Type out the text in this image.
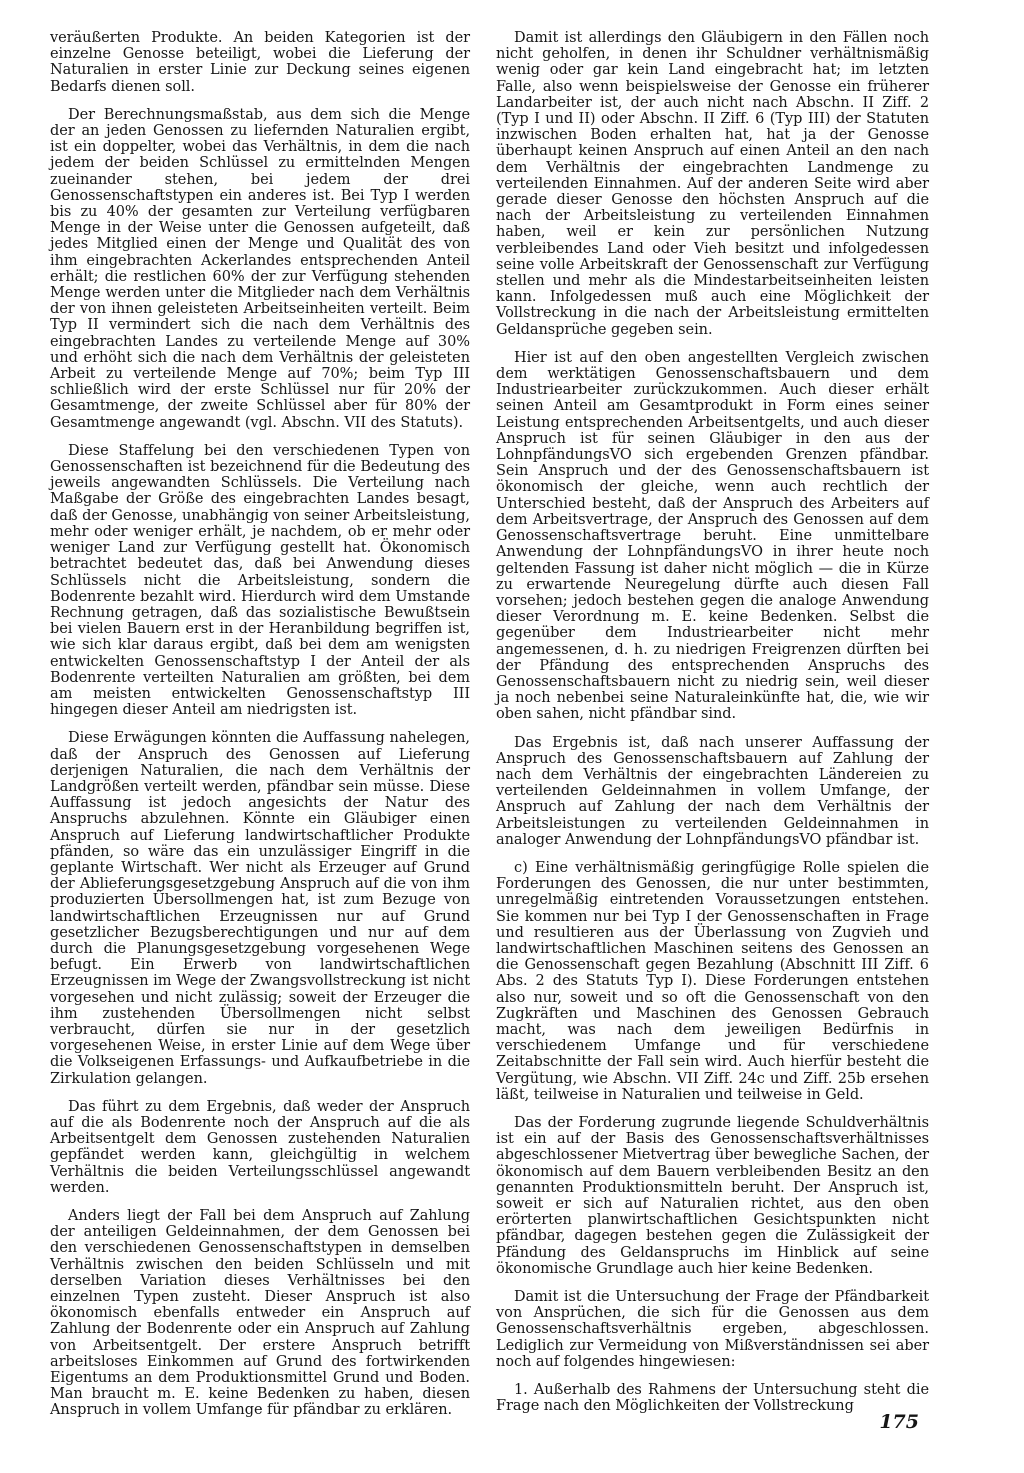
veräußerten Produkte. An beiden Kategorien ist der einzelne Genosse beteiligt, wobei die Lieferung der Naturalien in erster Linie zur Deckung seines eigenen Bedarfs dienen soll.

Der Berechnungsmaßstab, aus dem sich die Menge der an jeden Genossen zu liefernden Naturalien ergibt, ist ein doppelter, wobei das Verhältnis, in dem die nach jedem der beiden Schlüssel zu ermittelnden Mengen zueinander stehen, bei jedem der drei Genossenschaftstypen ein anderes ist. Bei Typ I werden bis zu 40% der gesamten zur Verteilung verfügbaren Menge in der Weise unter die Genossen aufgeteilt, daß jedes Mitglied einen der Menge und Qualität des von ihm eingebrachten Ackerlandes entsprechenden Anteil erhält; die restlichen 60% der zur Verfügung stehenden Menge werden unter die Mitglieder nach dem Verhältnis der von ihnen geleisteten Arbeitseinheiten verteilt. Beim Typ II vermindert sich die nach dem Verhältnis des eingebrachten Landes zu verteilende Menge auf 30% und erhöht sich die nach dem Verhältnis der geleisteten Arbeit zu verteilende Menge auf 70%; beim Typ III schließlich wird der erste Schlüssel nur für 20% der Gesamtmenge, der zweite Schlüssel aber für 80% der Gesamtmenge angewandt (vgl. Abschn. VII des Statuts).

Diese Staffelung bei den verschiedenen Typen von Genossenschaften ist bezeichnend für die Bedeutung des jeweils angewandten Schlüssels. Die Verteilung nach Maßgabe der Größe des eingebrachten Landes besagt, daß der Genosse, unabhängig von seiner Arbeitsleistung, mehr oder weniger erhält, je nachdem, ob er mehr oder weniger Land zur Verfügung gestellt hat. Ökonomisch betrachtet bedeutet das, daß bei Anwendung dieses Schlüssels nicht die Arbeitsleistung, sondern die Bodenrente bezahlt wird. Hierdurch wird dem Umstande Rechnung getragen, daß das sozialistische Bewußtsein bei vielen Bauern erst in der Heranbildung begriffen ist, wie sich klar daraus ergibt, daß bei dem am wenigsten entwickelten Genossenschaftstyp I der Anteil der als Bodenrente verteilten Naturalien am größten, bei dem am meisten entwickelten Genossenschaftstyp III hingegen dieser Anteil am niedrigsten ist.

Diese Erwägungen könnten die Auffassung nahelegen, daß der Anspruch des Genossen auf Lieferung derjenigen Naturalien, die nach dem Verhältnis der Landgrößen verteilt werden, pfändbar sein müsse. Diese Auffassung ist jedoch angesichts der Natur des Anspruchs abzulehnen. Könnte ein Gläubiger einen Anspruch auf Lieferung landwirtschaftlicher Produkte pfänden, so wäre das ein unzulässiger Eingriff in die geplante Wirtschaft. Wer nicht als Erzeuger auf Grund der Ablieferungsgesetzgebung Anspruch auf die von ihm produzierten Übersollmengen hat, ist zum Bezuge von landwirtschaftlichen Erzeugnissen nur auf Grund gesetzlicher Bezugsberechtigungen und nur auf dem durch die Planungsgesetzgebung vorgesehenen Wege befugt. Ein Erwerb von landwirtschaftlichen Erzeugnissen im Wege der Zwangsvollstreckung ist nicht vorgesehen und nicht zulässig; soweit der Erzeuger die ihm zustehenden Übersollmengen nicht selbst verbraucht, dürfen sie nur in der gesetzlich vorgesehenen Weise, in erster Linie auf dem Wege über die Volkseigenen Erfassungs- und Aufkaufbetriebe in die Zirkulation gelangen.

Das führt zu dem Ergebnis, daß weder der Anspruch auf die als Bodenrente noch der Anspruch auf die als Arbeitsentgelt dem Genossen zustehenden Naturalien gepfändet werden kann, gleichgültig in welchem Verhältnis die beiden Verteilungsschlüssel angewandt werden.

Anders liegt der Fall bei dem Anspruch auf Zahlung der anteiligen Geldeinnahmen, der dem Genossen bei den verschiedenen Genossenschaftstypen in demselben Verhältnis zwischen den beiden Schlüsseln und mit derselben Variation dieses Verhältnisses bei den einzelnen Typen zusteht. Dieser Anspruch ist also ökonomisch ebenfalls entweder ein Anspruch auf Zahlung der Bodenrente oder ein Anspruch auf Zahlung von Arbeitsentgelt. Der erstere Anspruch betrifft arbeitsloses Einkommen auf Grund des fortwirkenden Eigentums an dem Produktionsmittel Grund und Boden. Man braucht m. E. keine Bedenken zu haben, diesen Anspruch in vollem Umfange für pfändbar zu erklären.

Damit ist allerdings den Gläubigern in den Fällen noch nicht geholfen, in denen ihr Schuldner verhältnismäßig wenig oder gar kein Land eingebracht hat; im letzten Falle, also wenn beispielsweise der Genosse ein früherer Landarbeiter ist, der auch nicht nach Abschn. II Ziff. 2 (Typ I und II) oder Abschn. II Ziff. 6 (Typ III) der Statuten inzwischen Boden erhalten hat, hat ja der Genosse überhaupt keinen Anspruch auf einen Anteil an den nach dem Verhältnis der eingebrachten Landmenge zu verteilenden Einnahmen. Auf der anderen Seite wird aber gerade dieser Genosse den höchsten Anspruch auf die nach der Arbeitsleistung zu verteilenden Einnahmen haben, weil er kein zur persönlichen Nutzung verbleibendes Land oder Vieh besitzt und infolgedessen seine volle Arbeitskraft der Genossenschaft zur Verfügung stellen und mehr als die Mindestarbeitseinheiten leisten kann. Infolgedessen muß auch eine Möglichkeit der Vollstreckung in die nach der Arbeitsleistung ermittelten Geldansprüche gegeben sein.

Hier ist auf den oben angestellten Vergleich zwischen dem werktätigen Genossenschaftsbauern und dem Industriearbeiter zurückzukommen. Auch dieser erhält seinen Anteil am Gesamtprodukt in Form eines seiner Leistung entsprechenden Arbeitsentgelts, und auch dieser Anspruch ist für seinen Gläubiger in den aus der LohnpfändungsVO sich ergebenden Grenzen pfändbar. Sein Anspruch und der des Genossenschaftsbauern ist ökonomisch der gleiche, wenn auch rechtlich der Unterschied besteht, daß der Anspruch des Arbeiters auf dem Arbeitsvertrage, der Anspruch des Genossen auf dem Genossenschaftsvertrage beruht. Eine unmittelbare Anwendung der LohnpfändungsVO in ihrer heute noch geltenden Fassung ist daher nicht möglich — die in Kürze zu erwartende Neuregelung dürfte auch diesen Fall vorsehen; jedoch bestehen gegen die analoge Anwendung dieser Verordnung m. E. keine Bedenken. Selbst die gegenüber dem Industriearbeiter nicht mehr angemessenen, d. h. zu niedrigen Freigrenzen dürften bei der Pfändung des entsprechenden Anspruchs des Genossenschaftsbauern nicht zu niedrig sein, weil dieser ja noch nebenbei seine Naturaleinkünfte hat, die, wie wir oben sahen, nicht pfändbar sind.

Das Ergebnis ist, daß nach unserer Auffassung der Anspruch des Genossenschaftsbauern auf Zahlung der nach dem Verhältnis der eingebrachten Ländereien zu verteilenden Geldeinnahmen in vollem Umfange, der Anspruch auf Zahlung der nach dem Verhältnis der Arbeitsleistungen zu verteilenden Geldeinnahmen in analoger Anwendung der LohnpfändungsVO pfändbar ist.

c) Eine verhältnismäßig geringfügige Rolle spielen die Forderungen des Genossen, die nur unter bestimmten, unregelmäßig eintretenden Voraussetzungen entstehen. Sie kommen nur bei Typ I der Genossenschaften in Frage und resultieren aus der Überlassung von Zugvieh und landwirtschaftlichen Maschinen seitens des Genossen an die Genossenschaft gegen Bezahlung (Abschnitt III Ziff. 6 Abs. 2 des Statuts Typ I). Diese Forderungen entstehen also nur, soweit und so oft die Genossenschaft von den Zugkräften und Maschinen des Genossen Gebrauch macht, was nach dem jeweiligen Bedürfnis in verschiedenem Umfange und für verschiedene Zeitabschnitte der Fall sein wird. Auch hierfür besteht die Vergütung, wie Abschn. VII Ziff. 24c und Ziff. 25b ersehen läßt, teilweise in Naturalien und teilweise in Geld.

Das der Forderung zugrunde liegende Schuldverhältnis ist ein auf der Basis des Genossenschaftsverhältnisses abgeschlossener Mietvertrag über bewegliche Sachen, der ökonomisch auf dem Bauern verbleibenden Besitz an den genannten Produktionsmitteln beruht. Der Anspruch ist, soweit er sich auf Naturalien richtet, aus den oben erörterten planwirtschaftlichen Gesichtspunkten nicht pfändbar, dagegen bestehen gegen die Zulässigkeit der Pfändung des Geldanspruchs im Hinblick auf seine ökonomische Grundlage auch hier keine Bedenken.

Damit ist die Untersuchung der Frage der Pfändbarkeit von Ansprüchen, die sich für die Genossen aus dem Genossenschaftsverhältnis ergeben, abgeschlossen. Lediglich zur Vermeidung von Mißverständnissen sei aber noch auf folgendes hingewiesen:

1. Außerhalb des Rahmens der Untersuchung steht die Frage nach den Möglichkeiten der Vollstreckung

175
